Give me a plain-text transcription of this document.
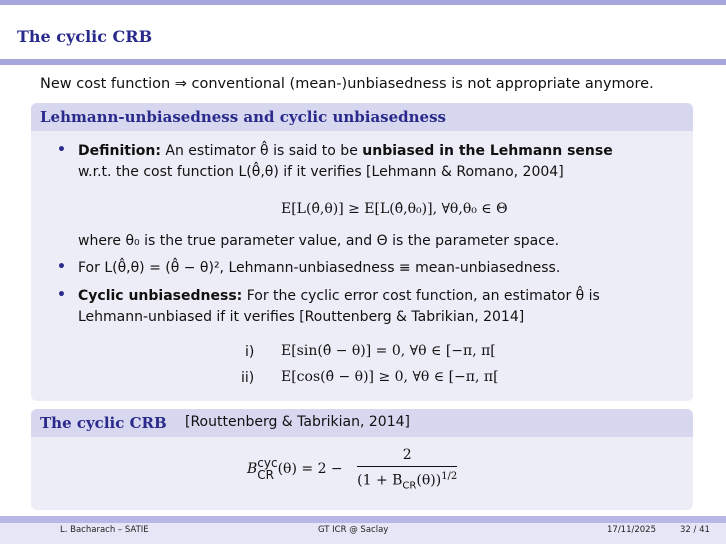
The cyclic CRB
New cost function ⇒ conventional (mean-)unbiasedness is not appropriate anymore.
Lehmann-unbiasedness and cyclic unbiasedness
• Definition: An estimator θ̂ is said to be unbiased in the Lehmann sense
w.r.t. the cost function L(θ̂,θ) if it verifies [Lehmann & Romano, 2004]
E[L(θ̂,θ)] ≥ E[L(θ̂,θ₀)], ∀θ,θ₀ ∈ Θ
where θ₀ is the true parameter value, and Θ is the parameter space.
• For L(θ̂,θ) = (θ̂ − θ)², Lehmann-unbiasedness ≡ mean-unbiasedness.
• Cyclic unbiasedness: For the cyclic error cost function, an estimator θ̂ is
Lehmann-unbiased if it verifies [Routtenberg & Tabrikian, 2014]
i) E[sin(θ̂ − θ)] = 0, ∀θ ∈ [−π, π[
ii) E[cos(θ̂ − θ)] ≥ 0, ∀θ ∈ [−π, π[
The cyclic CRB [Routtenberg & Tabrikian, 2014]
B cyc
CR $(\theta) = 2 - \frac{2}{(1 + B_{CR}(\theta))^{1/2}}$
L. Bacharach – SATIE	GT ICR @ Saclay	17/11/2025	32 / 41
